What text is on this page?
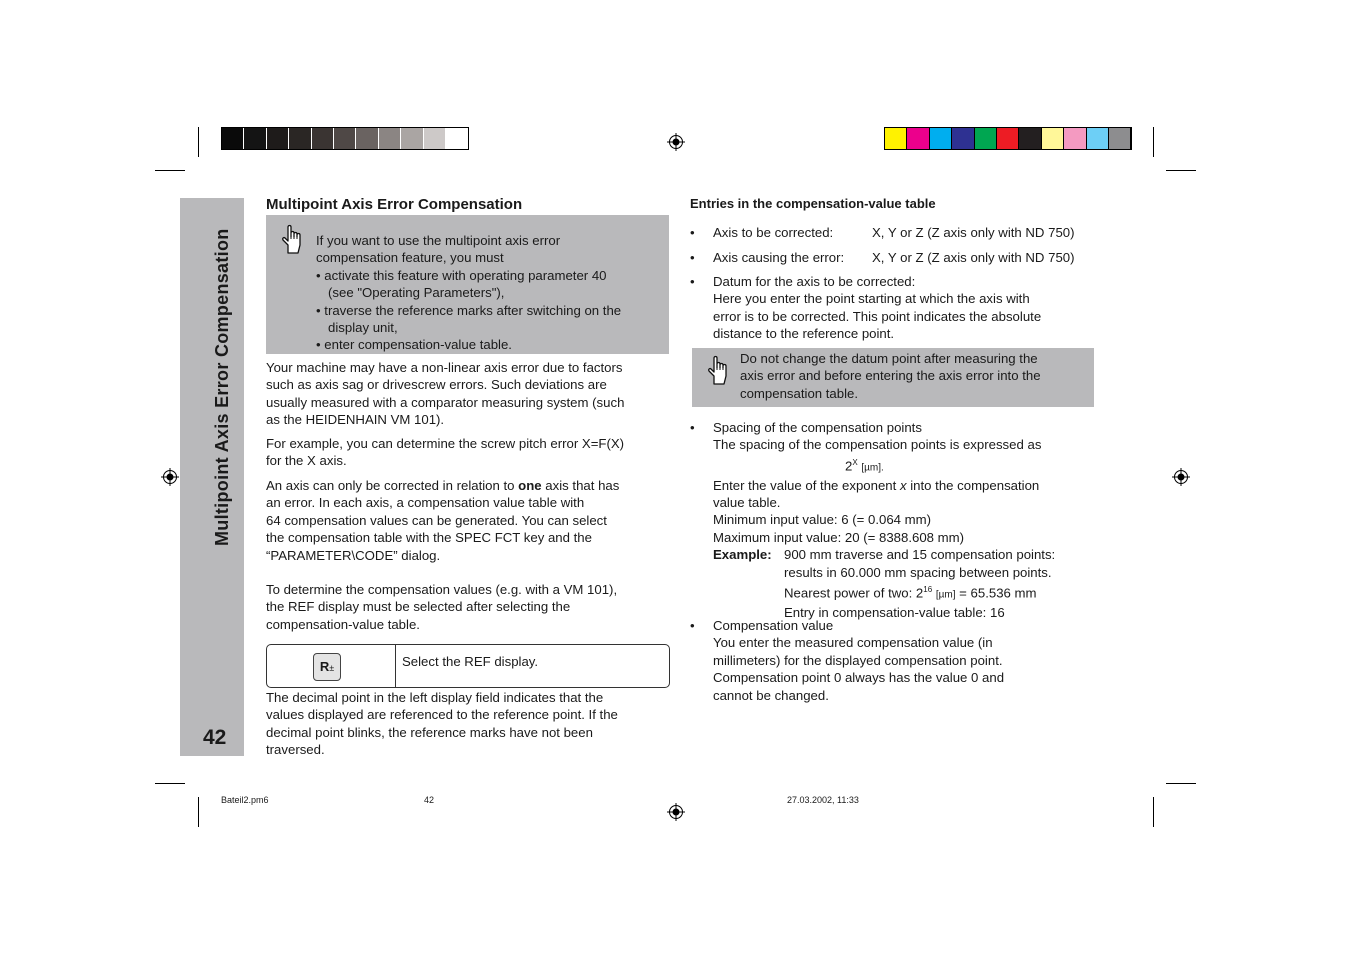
Multipoint Axis Error Compensation
42
Multipoint Axis Error Compensation
If you want to use the multipoint axis error
compensation feature, you must
• activate this feature with operating parameter 40
(see "Operating Parameters"),
• traverse the reference marks after switching on the
display unit,
• enter compensation-value table.
Your machine may have a non-linear axis error due to factors
such as axis sag or drivescrew errors. Such deviations are
usually measured with a comparator measuring system (such
as the HEIDENHAIN VM 101).
For example, you can determine the screw pitch error X=F(X)
for the X axis.
An axis can only be corrected in relation to one axis that has
an error. In each axis, a compensation value table with
64 compensation values can be generated. You can select
the compensation table with the SPEC FCT key and the
“PARAMETER\CODE” dialog.
To determine the compensation values (e.g. with a VM 101),
the REF display must be selected after selecting the
compensation-value table.
R±	Select the REF display.
The decimal point in the left display field indicates that the
values displayed are referenced to the reference point. If the
decimal point blinks, the reference marks have not been
traversed.
Entries in the compensation-value table
• Axis to be corrected:	X, Y or Z (Z axis only with ND 750)
• Axis causing the error: X, Y or Z (Z axis only with ND 750)
• Datum for the axis to be corrected:
Here you enter the point starting at which the axis with
error is to be corrected. This point indicates the absolute
distance to the reference point.
Do not change the datum point after measuring the
axis error and before entering the axis error into the
compensation table.
• Spacing of the compensation points
The spacing of the compensation points is expressed as
$2^X$ [µm].
Enter the value of the exponent x into the compensation
value table.
Minimum input value: 6 (= 0.064 mm)
Maximum input value: 20 (= 8388.608 mm)
Example: 900 mm traverse and 15 compensation points:
results in 60.000 mm spacing between points.
Nearest power of two: $2^{16}$ [µm] = 65.536 mm
Entry in compensation-value table: 16
• Compensation value
You enter the measured compensation value (in
millimeters) for the displayed compensation point.
Compensation point 0 always has the value 0 and
cannot be changed.
Bateil2.pm6	42	27.03.2002, 11:33
